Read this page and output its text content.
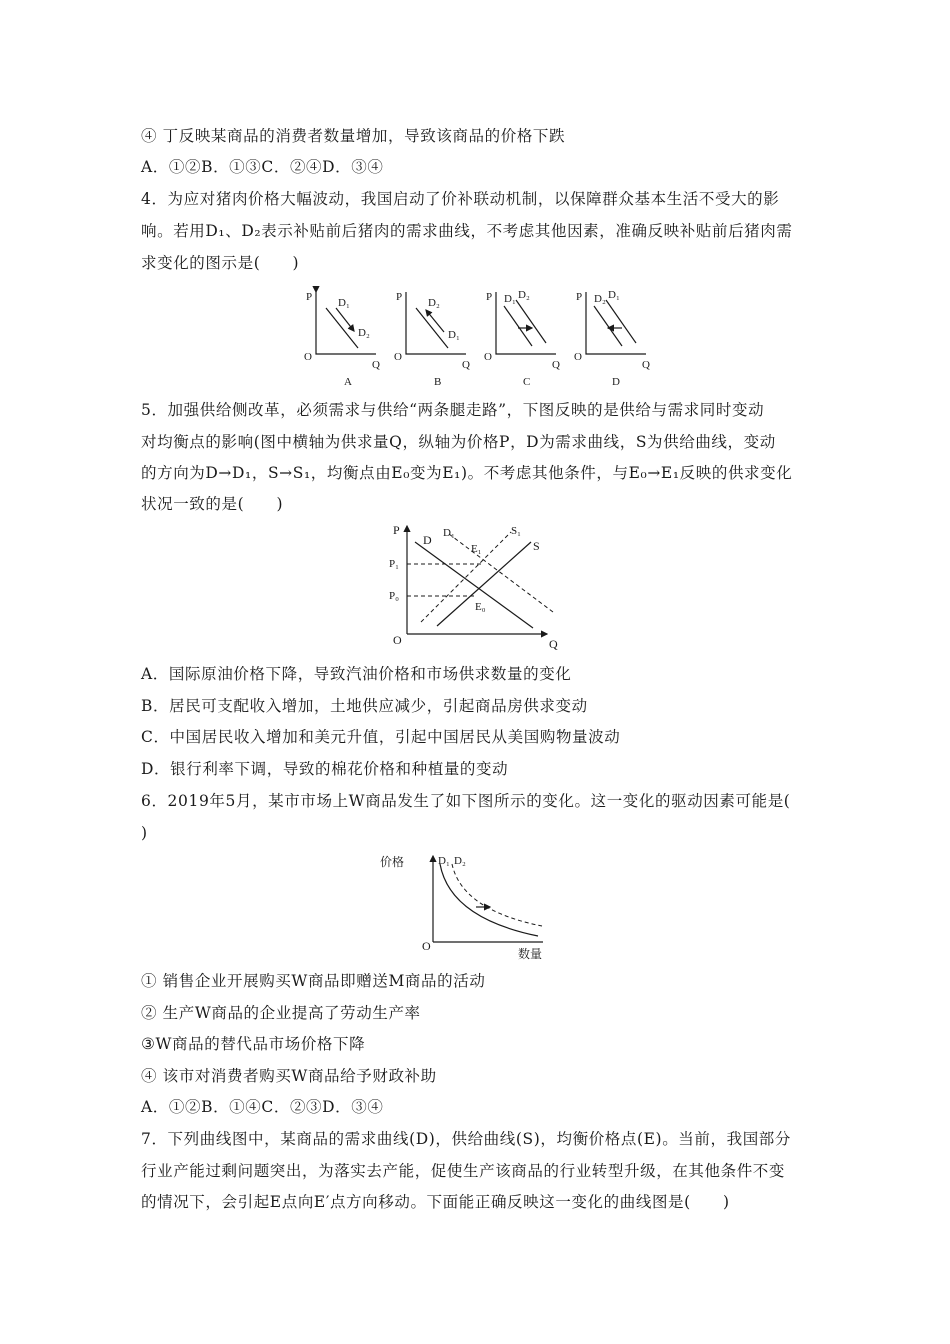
④ 丁反映某商品的消费者数量增加，导致该商品的价格下跌
A．①②B．①③C．②④D．③④
4．为应对猪肉价格大幅波动，我国启动了价补联动机制，以保障群众基本生活不受大的影
响。若用D₁、D₂表示补贴前后猪肉的需求曲线，不考虑其他因素，准确反映补贴前后猪肉需
求变化的图示是(　　)
P
Q
O
D₁
D₂
A
P
Q
O
D₂
D₁
B
P
Q
O
D₁ D₂
C
P
Q
O
D₂ D₁
D
5．加强供给侧改革，必须需求与供给“两条腿走路”，下图反映的是供给与需求同时变动
对均衡点的影响(图中横轴为供求量Q，纵轴为价格P，D为需求曲线，S为供给曲线，变动
的方向为D→D₁，S→S₁，均衡点由E₀变为E₁)。不考虑其他条件，与E₀→E₁反映的供求变化
状况一致的是(　　)
P
Q
O
P₁
P₀
D D₁	S₁
S
E₁
E₀
A．国际原油价格下降，导致汽油价格和市场供求数量的变化
B．居民可支配收入增加，土地供应减少，引起商品房供求变动
C．中国居民收入增加和美元升值，引起中国居民从美国购物量波动
D．银行利率下调，导致的棉花价格和种植量的变动
6．2019年5月，某市市场上W商品发生了如下图所示的变化。这一变化的驱动因素可能是(
)
价格
数量
O
D₁ D₂
① 销售企业开展购买W商品即赠送M商品的活动
② 生产W商品的企业提高了劳动生产率
③W商品的替代品市场价格下降
④ 该市对消费者购买W商品给予财政补助
A．①②B．①④C．②③D．③④
7．下列曲线图中，某商品的需求曲线(D)，供给曲线(S)，均衡价格点(E)。当前，我国部分
行业产能过剩问题突出，为落实去产能，促使生产该商品的行业转型升级，在其他条件不变
的情况下，会引起E点向E′点方向移动。下面能正确反映这一变化的曲线图是(　　)
